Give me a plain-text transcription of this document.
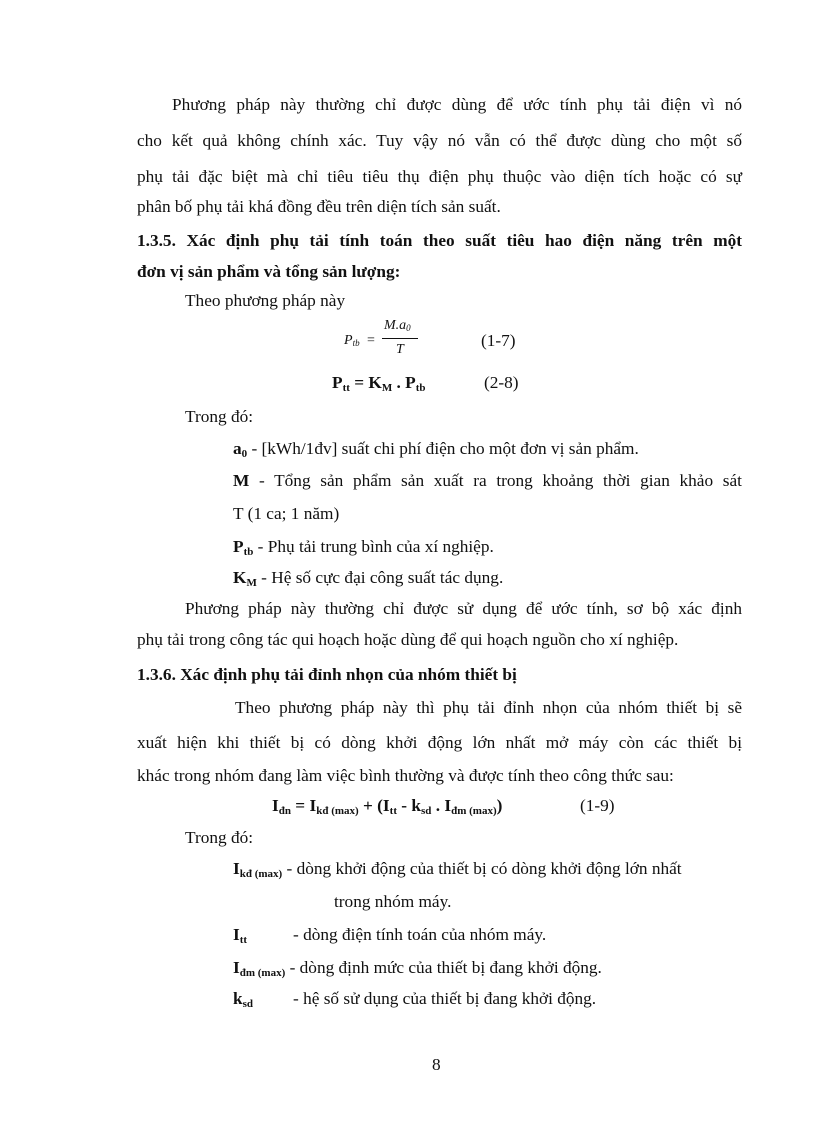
Phương pháp này thường chỉ được dùng để ước tính phụ tải điện vì nó
cho kết quả không chính xác. Tuy vậy nó vẫn có thể được dùng cho một số
phụ tải đặc biệt mà chỉ tiêu tiêu thụ điện phụ thuộc vào diện tích hoặc có sự
phân bố phụ tải khá đồng đều trên diện tích sản suất.
1.3.5. Xác định phụ tải tính toán theo suất tiêu hao điện năng trên một
đơn vị sản phẩm và tổng sản lượng:
Theo phương pháp này
$P_{tb}$ =
$M.a_0$
T	(1-7)
$P_{tt} = K_M$ . $P_{tb}$	(2-8)
Trong đó:
$a_0$ - [kWh/1đv] suất chi phí điện cho một đơn vị sản phẩm.
M - Tổng sản phẩm sản xuất ra trong khoảng thời gian khảo sát
T (1 ca; 1 năm)
$P_{tb}$ - Phụ tải trung bình của xí nghiệp.
$K_M$ - Hệ số cực đại công suất tác dụng.
Phương pháp này thường chỉ được sử dụng để ước tính, sơ bộ xác định
phụ tải trong công tác qui hoạch hoặc dùng để qui hoạch nguồn cho xí nghiệp.
1.3.6. Xác định phụ tải đỉnh nhọn của nhóm thiết bị
Theo phương pháp này thì phụ tải đỉnh nhọn của nhóm thiết bị sẽ
xuất hiện khi thiết bị có dòng khởi động lớn nhất mở máy còn các thiết bị
khác trong nhóm đang làm việc bình thường và được tính theo công thức sau:
$I_{đn} = I_{kđ (max)} + (I_{tt} - k_{sd}$ . $I_{đm (max)}$)	(1-9)
Trong đó:
$I_{kđ (max)}$ - dòng khởi động của thiết bị có dòng khởi động lớn nhất
trong nhóm máy.
$I_{tt}$	- dòng điện tính toán của nhóm máy.
$I_{đm (max)}$ - dòng định mức của thiết bị đang khởi động.
$k_{sd}$ - hệ số sử dụng của thiết bị đang khởi động.
8
